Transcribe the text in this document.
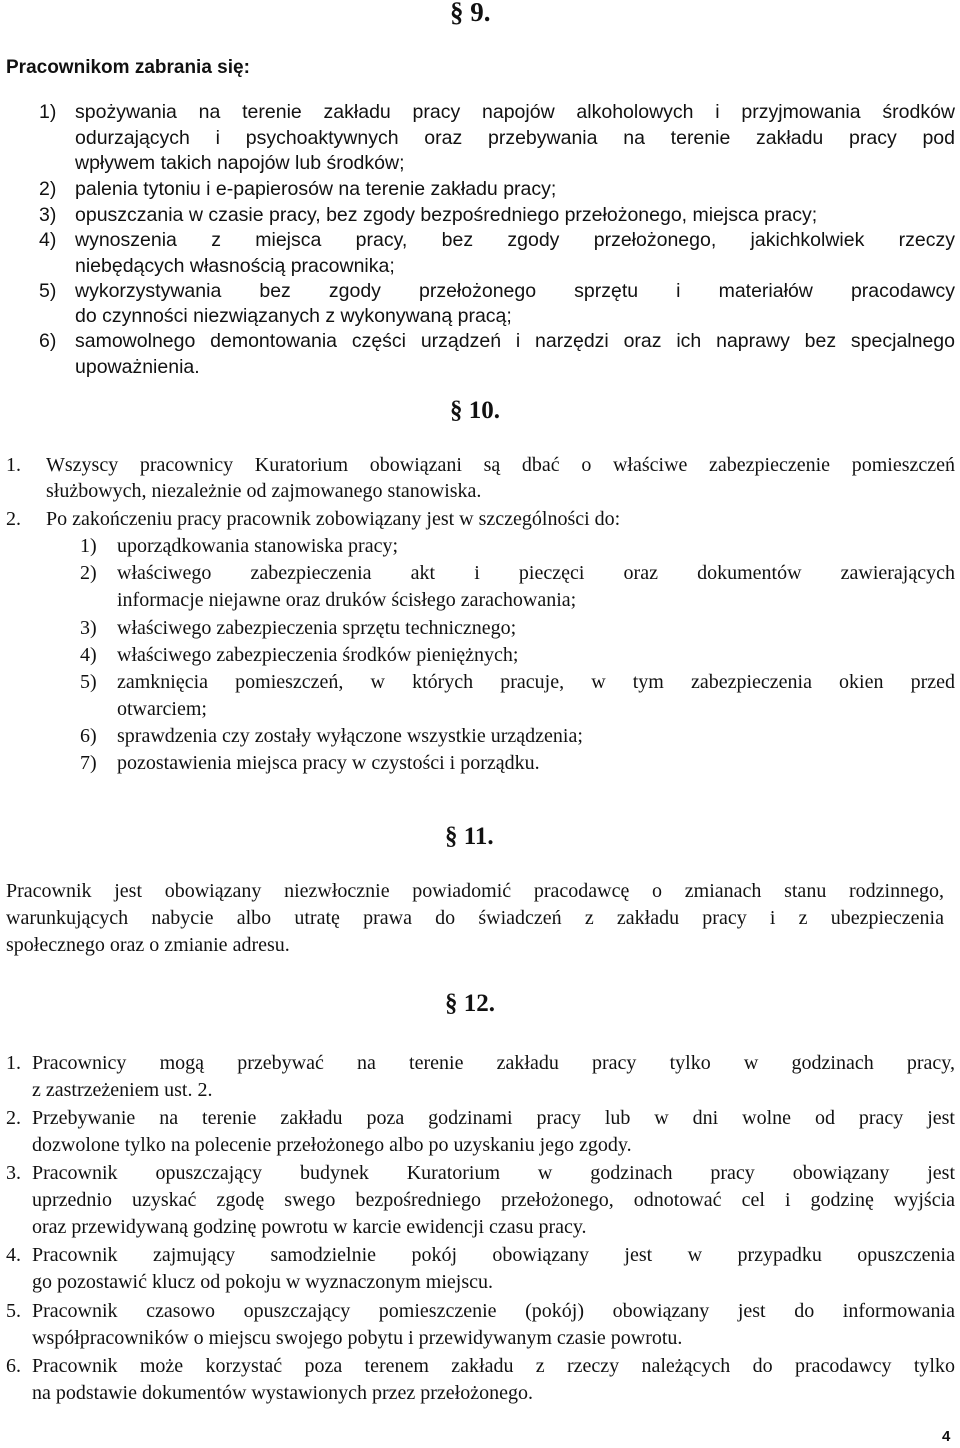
Pracownikom zabrania się:
§ 9.
1) spożywania na terenie zakładu pracy napojów alkoholowych i przyjmowania środków
odurzających i psychoaktywnych oraz przebywania na terenie zakładu pracy pod
wpływem takich napojów lub środków;
2) palenia tytoniu i e-papierosów na terenie zakładu pracy;
3) opuszczania w czasie pracy, bez zgody bezpośredniego przełożonego, miejsca pracy;
4) wynoszenia z miejsca pracy, bez zgody przełożonego, jakichkolwiek rzeczy
niebędących własnością pracownika;
5) wykorzystywania bez zgody przełożonego sprzętu i materiałów pracodawcy
do czynności niezwiązanych z wykonywaną pracą;
6) samowolnego demontowania części urządzeń i narzędzi oraz ich naprawy bez specjalnego
upoważnienia.
§ 10.
1. Wszyscy pracownicy Kuratorium obowiązani są dbać o właściwe zabezpieczenie pomieszczeń
służbowych, niezależnie od zajmowanego stanowiska.
2. Po zakończeniu pracy pracownik zobowiązany jest w szczególności do:
1) uporządkowania stanowiska pracy;
2) właściwego zabezpieczenia akt i pieczęci oraz dokumentów zawierających
informacje niejawne oraz druków ścisłego zarachowania;
3) właściwego zabezpieczenia sprzętu technicznego;
4) właściwego zabezpieczenia środków pieniężnych;
5) zamknięcia pomieszczeń, w których pracuje, w tym zabezpieczenia okien przed
otwarciem;
6) sprawdzenia czy zostały wyłączone wszystkie urządzenia;
7) pozostawienia miejsca pracy w czystości i porządku.
§ 11.
Pracownik jest obowiązany niezwłocznie powiadomić pracodawcę o zmianach stanu rodzinnego,
warunkujących nabycie albo utratę prawa do świadczeń z zakładu pracy i z ubezpieczenia
społecznego oraz o zmianie adresu.
§ 12.
1. Pracownicy mogą przebywać na terenie zakładu pracy tylko w godzinach pracy,
z zastrzeżeniem ust. 2.
2. Przebywanie na terenie zakładu poza godzinami pracy lub w dni wolne od pracy jest
dozwolone tylko na polecenie przełożonego albo po uzyskaniu jego zgody.
3. Pracownik opuszczający budynek Kuratorium w godzinach pracy obowiązany jest
uprzednio uzyskać zgodę swego bezpośredniego przełożonego, odnotować cel i godzinę wyjścia
oraz przewidywaną godzinę powrotu w karcie ewidencji czasu pracy.
4. Pracownik zajmujący samodzielnie pokój obowiązany jest w przypadku opuszczenia
go pozostawić klucz od pokoju w wyznaczonym miejscu.
5. Pracownik czasowo opuszczający pomieszczenie (pokój) obowiązany jest do informowania
współpracowników o miejscu swojego pobytu i przewidywanym czasie powrotu.
6. Pracownik może korzystać poza terenem zakładu z rzeczy należących do pracodawcy tylko
na podstawie dokumentów wystawionych przez przełożonego.
4
